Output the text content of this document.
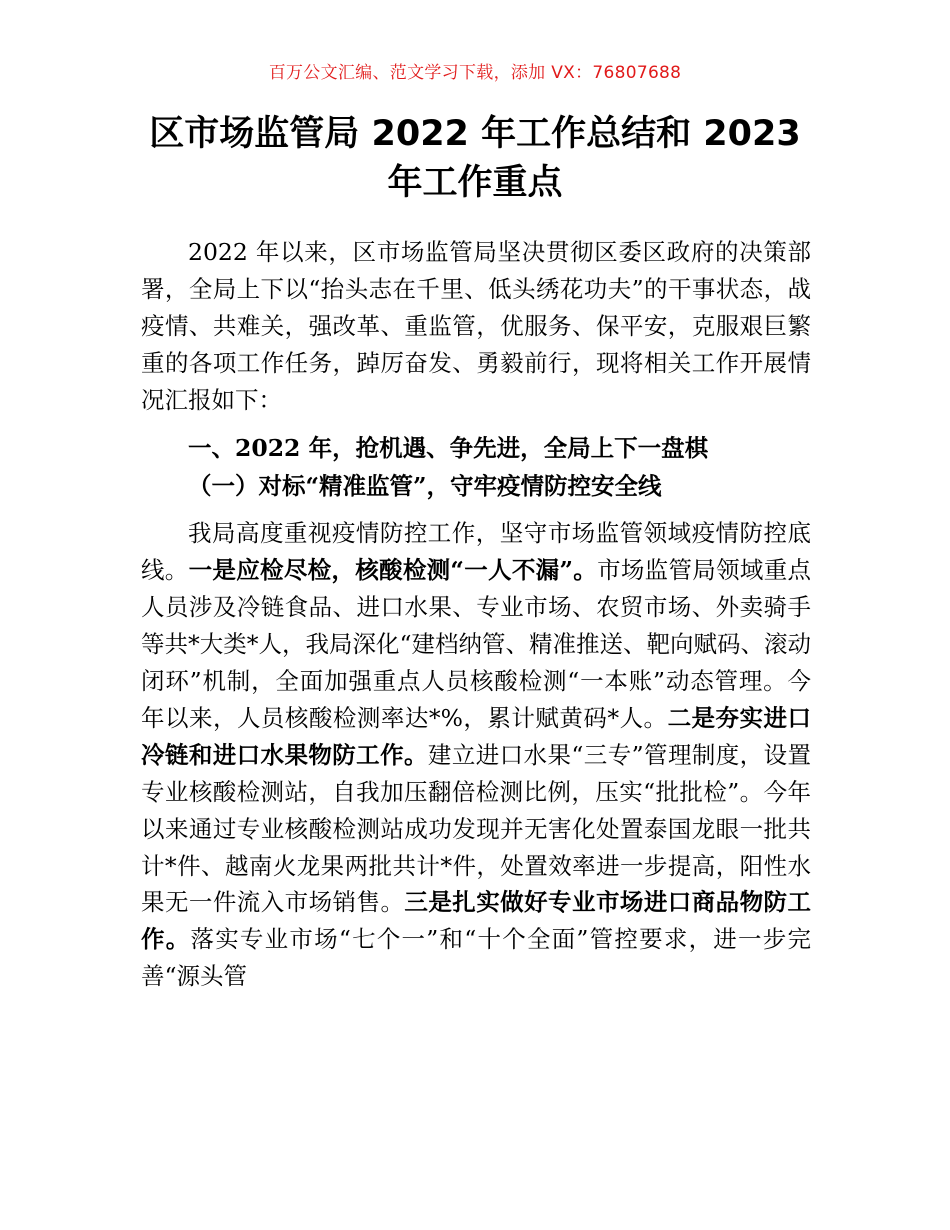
百万公文汇编、范文学习下载，添加 VX：76807688
区市场监管局 2022 年工作总结和 2023 年工作重点

2022 年以来，区市场监管局坚决贯彻区委区政府的决策部署，全局上下以“抬头志在千里、低头绣花功夫”的干事状态，战疫情、共难关，强改革、重监管，优服务、保平安，克服艰巨繁重的各项工作任务，踔厉奋发、勇毅前行，现将相关工作开展情况汇报如下：

一、2022 年，抢机遇、争先进，全局上下一盘棋

（一）对标“精准监管”，守牢疫情防控安全线

我局高度重视疫情防控工作，坚守市场监管领域疫情防控底线。一是应检尽检，核酸检测“一人不漏”。市场监管局领域重点人员涉及冷链食品、进口水果、专业市场、农贸市场、外卖骑手等共*大类*人，我局深化“建档纳管、精准推送、靶向赋码、滚动闭环”机制，全面加强重点人员核酸检测“一本账”动态管理。今年以来，人员核酸检测率达*%，累计赋黄码*人。二是夯实进口冷链和进口水果物防工作。建立进口水果“三专”管理制度，设置专业核酸检测站，自我加压翻倍检测比例，压实“批批检”。今年以来通过专业核酸检测站成功发现并无害化处置泰国龙眼一批共计*件、越南火龙果两批共计*件，处置效率进一步提高，阳性水果无一件流入市场销售。三是扎实做好专业市场进口商品物防工作。落实专业市场“七个一”和“十个全面”管控要求，进一步完善“源头管
